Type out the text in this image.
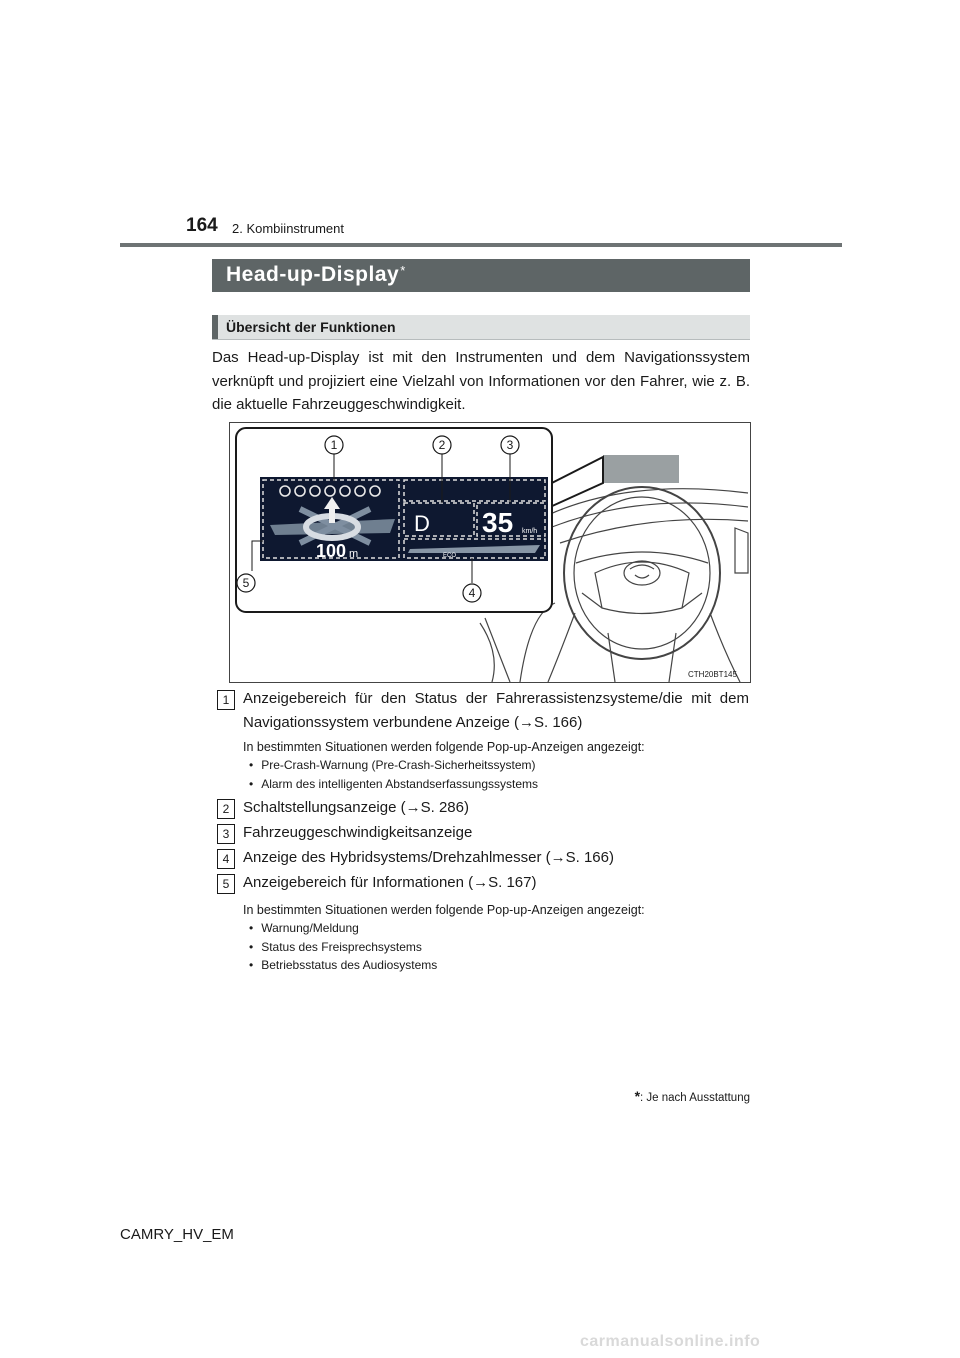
164 2. Kombiinstrument
Head-up-Display*
Übersicht der Funktionen
Das Head-up-Display ist mit den Instrumenten und dem Navigationssystem verknüpft und projiziert eine Vielzahl von Informationen vor den Fahrer, wie z. B. die aktuelle Fahrzeuggeschwindigkeit.
100 m
D 35 km/h
ECO
1	2	3
4
5
CTH20BT145
1 Anzeigebereich für den Status der Fahrerassistenzsysteme/die mit dem Navigationssystem verbundene Anzeige (→S. 166)
In bestimmten Situationen werden folgende Pop-up-Anzeigen angezeigt:
• Pre-Crash-Warnung (Pre-Crash-Sicherheitssystem)
• Alarm des intelligenten Abstandserfassungssystems
2 Schaltstellungsanzeige (→S. 286)
3 Fahrzeuggeschwindigkeitsanzeige
4 Anzeige des Hybridsystems/Drehzahlmesser (→S. 166)
5 Anzeigebereich für Informationen (→S. 167)
In bestimmten Situationen werden folgende Pop-up-Anzeigen angezeigt:
• Warnung/Meldung
• Status des Freisprechsystems
• Betriebsstatus des Audiosystems
*: Je nach Ausstattung
CAMRY_HV_EM
carmanualsonline.info
